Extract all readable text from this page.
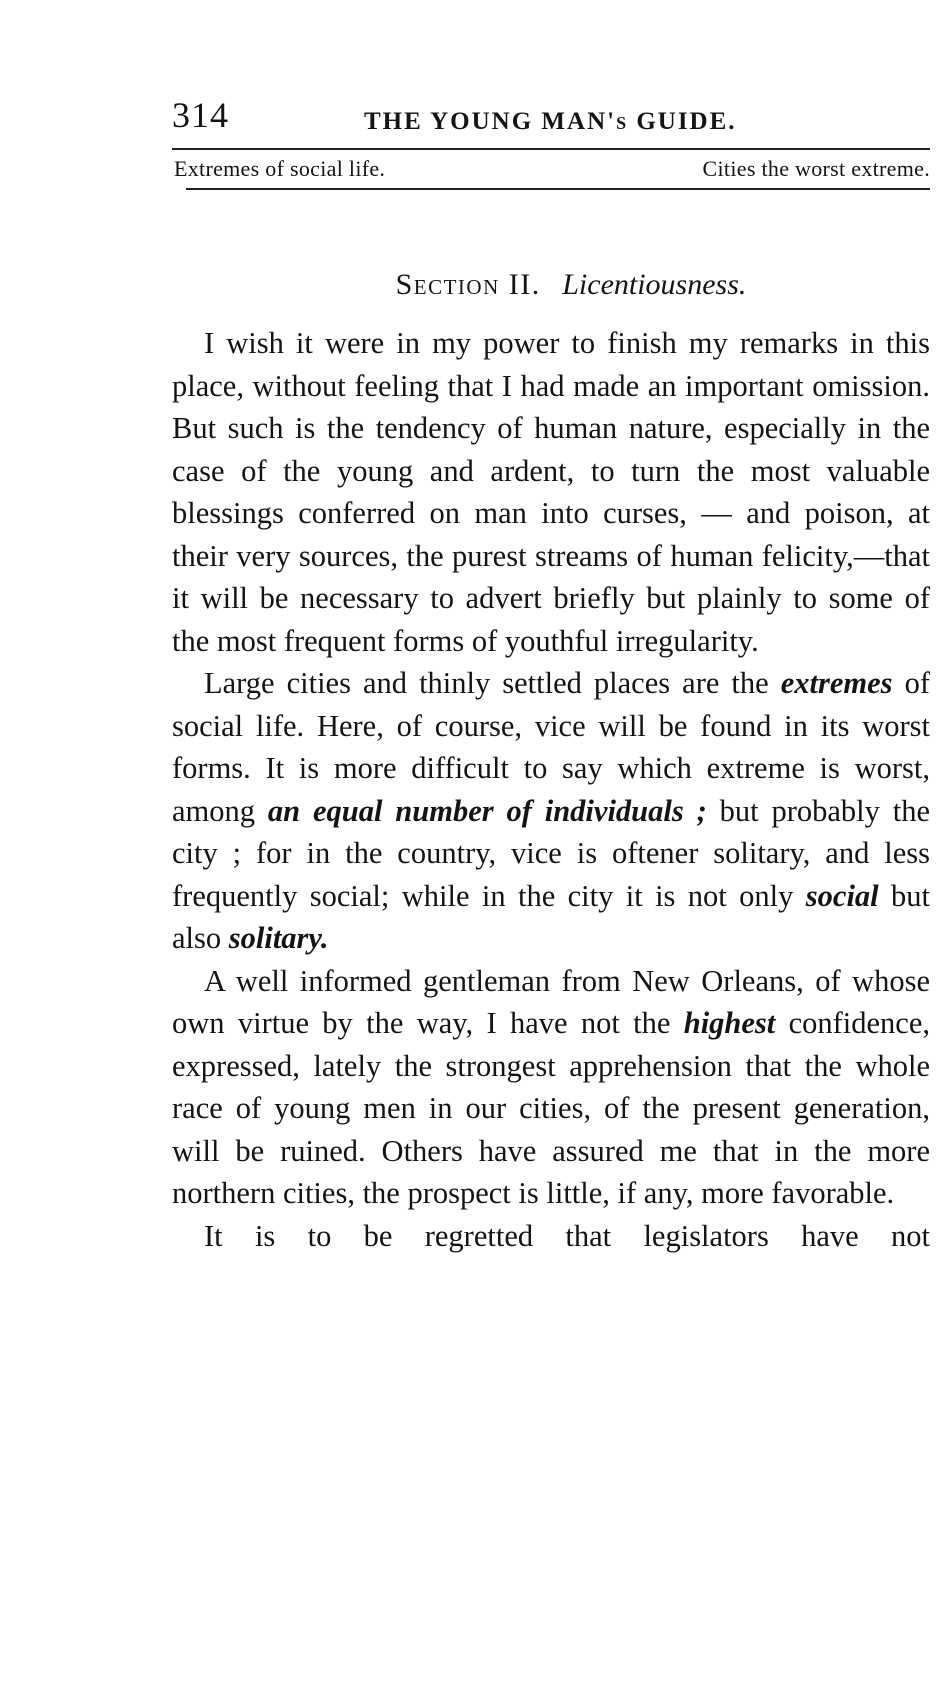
314	THE YOUNG MAN's GUIDE.
Extremes of social life.	Cities the worst extreme.
Section II. Licentiousness.

I wish it were in my power to finish my remarks in this place, without feeling that I had made an important omission. But such is the tendency of human nature, especially in the case of the young and ardent, to turn the most valuable blessings conferred on man into curses, — and poison, at their very sources, the purest streams of human felicity,—that it will be necessary to advert briefly but plainly to some of the most frequent forms of youthful irregularity.

Large cities and thinly settled places are the extremes of social life. Here, of course, vice will be found in its worst forms. It is more difficult to say which extreme is worst, among an equal number of individuals ; but probably the city ; for in the country, vice is oftener solitary, and less frequently social; while in the city it is not only social but also solitary.

A well informed gentleman from New Orleans, of whose own virtue by the way, I have not the highest confidence, expressed, lately the strongest apprehension that the whole race of young men in our cities, of the present generation, will be ruined. Others have assured me that in the more northern cities, the prospect is little, if any, more favorable.

It is to be regretted that legislators have not
